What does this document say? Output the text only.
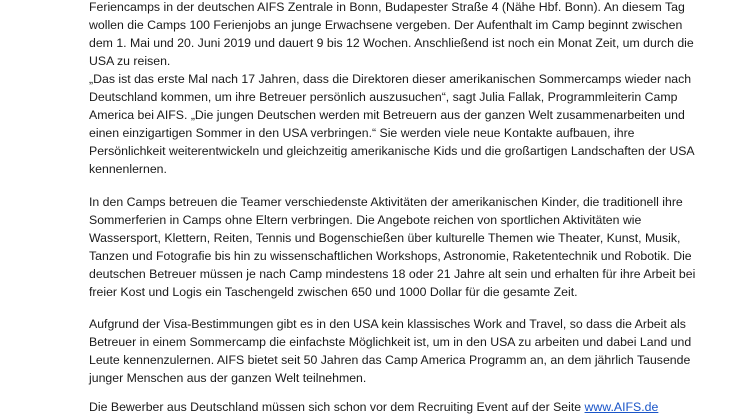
Feriencamps in der deutschen AIFS Zentrale in Bonn, Budapester Straße 4 (Nähe Hbf. Bonn). An diesem Tag
wollen die Camps 100 Ferienjobs an junge Erwachsene vergeben. Der Aufenthalt im Camp beginnt zwischen
dem 1. Mai und 20. Juni 2019 und dauert 9 bis 12 Wochen. Anschließend ist noch ein Monat Zeit, um durch die
USA zu reisen.
„Das ist das erste Mal nach 17 Jahren, dass die Direktoren dieser amerikanischen Sommercamps wieder nach
Deutschland kommen, um ihre Betreuer persönlich auszusuchen“, sagt Julia Fallak, Programmleiterin Camp
America bei AIFS. „Die jungen Deutschen werden mit Betreuern aus der ganzen Welt zusammenarbeiten und
einen einzigartigen Sommer in den USA verbringen.“ Sie werden viele neue Kontakte aufbauen, ihre
Persönlichkeit weiterentwickeln und gleichzeitig amerikanische Kids und die großartigen Landschaften der USA
kennenlernen.
In den Camps betreuen die Teamer verschiedenste Aktivitäten der amerikanischen Kinder, die traditionell ihre
Sommerferien in Camps ohne Eltern verbringen. Die Angebote reichen von sportlichen Aktivitäten wie
Wassersport, Klettern, Reiten, Tennis und Bogenschießen über kulturelle Themen wie Theater, Kunst, Musik,
Tanzen und Fotografie bis hin zu wissenschaftlichen Workshops, Astronomie, Raketentechnik und Robotik. Die
deutschen Betreuer müssen je nach Camp mindestens 18 oder 21 Jahre alt sein und erhalten für ihre Arbeit bei
freier Kost und Logis ein Taschengeld zwischen 650 und 1000 Dollar für die gesamte Zeit.
Aufgrund der Visa-Bestimmungen gibt es in den USA kein klassisches Work and Travel, so dass die Arbeit als
Betreuer in einem Sommercamp die einfachste Möglichkeit ist, um in den USA zu arbeiten und dabei Land und
Leute kennenzulernen. AIFS bietet seit 50 Jahren das Camp America Programm an, an dem jährlich Tausende
junger Menschen aus der ganzen Welt teilnehmen.
Die Bewerber aus Deutschland müssen sich schon vor dem Recruiting Event auf der Seite www.AIFS.de
